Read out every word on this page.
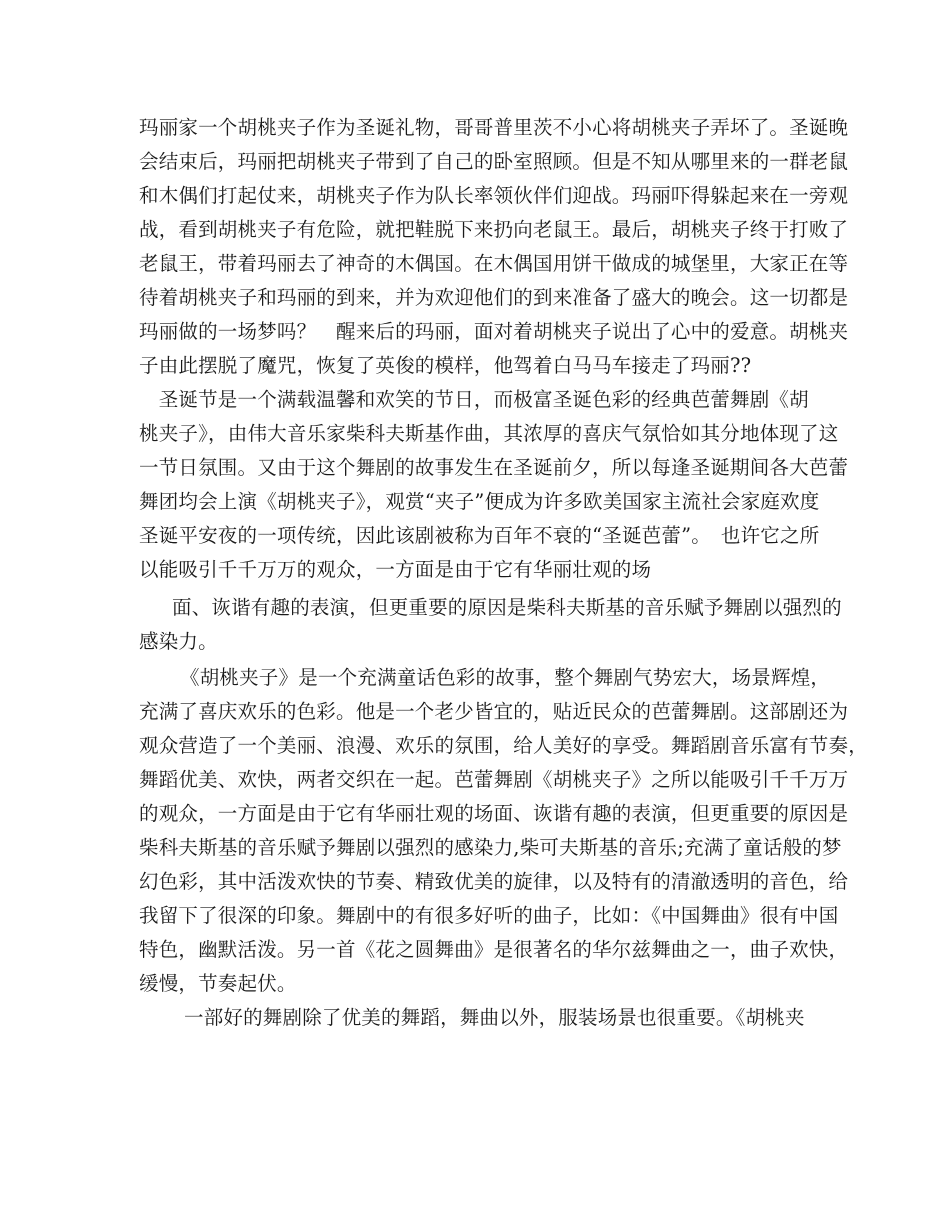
玛丽家一个胡桃夹子作为圣诞礼物，哥哥普里茨不小心将胡桃夹子弄坏了。圣诞晚
会结束后，玛丽把胡桃夹子带到了自己的卧室照顾。但是不知从哪里来的一群老鼠
和木偶们打起仗来，胡桃夹子作为队长率领伙伴们迎战。玛丽吓得躲起来在一旁观
战，看到胡桃夹子有危险，就把鞋脱下来扔向老鼠王。最后，胡桃夹子终于打败了
老鼠王，带着玛丽去了神奇的木偶国。在木偶国用饼干做成的城堡里，大家正在等
待着胡桃夹子和玛丽的到来，并为欢迎他们的到来准备了盛大的晚会。这一切都是
玛丽做的一场梦吗？　醒来后的玛丽，面对着胡桃夹子说出了心中的爱意。胡桃夹
子由此摆脱了魔咒，恢复了英俊的模样，他驾着白马马车接走了玛丽??
　圣诞节是一个满载温馨和欢笑的节日，而极富圣诞色彩的经典芭蕾舞剧《胡
桃夹子》，由伟大音乐家柴科夫斯基作曲，其浓厚的喜庆气氛恰如其分地体现了这
一节日氛围。又由于这个舞剧的故事发生在圣诞前夕，所以每逢圣诞期间各大芭蕾
舞团均会上演《胡桃夹子》，观赏“夹子”便成为许多欧美国家主流社会家庭欢度
圣诞平安夜的一项传统，因此该剧被称为百年不衰的“圣诞芭蕾”。　也许它之所
以能吸引千千万万的观众，一方面是由于它有华丽壮观的场
面、诙谐有趣的表演，但更重要的原因是柴科夫斯基的音乐赋予舞剧以强烈的
感染力。
《胡桃夹子》是一个充满童话色彩的故事，整个舞剧气势宏大，场景辉煌，
充满了喜庆欢乐的色彩。他是一个老少皆宜的，贴近民众的芭蕾舞剧。这部剧还为
观众营造了一个美丽、浪漫、欢乐的氛围，给人美好的享受。舞蹈剧音乐富有节奏，
舞蹈优美、欢快，两者交织在一起。芭蕾舞剧《胡桃夹子》之所以能吸引千千万万
的观众，一方面是由于它有华丽壮观的场面、诙谐有趣的表演，但更重要的原因是
柴科夫斯基的音乐赋予舞剧以强烈的感染力,柴可夫斯基的音乐;充满了童话般的梦
幻色彩，其中活泼欢快的节奏、精致优美的旋律，以及特有的清澈透明的音色，给
我留下了很深的印象。舞剧中的有很多好听的曲子，比如：《中国舞曲》很有中国
特色，幽默活泼。另一首《花之圆舞曲》是很著名的华尔兹舞曲之一，曲子欢快，
缓慢，节奏起伏。
一部好的舞剧除了优美的舞蹈，舞曲以外，服装场景也很重要。《胡桃夹
